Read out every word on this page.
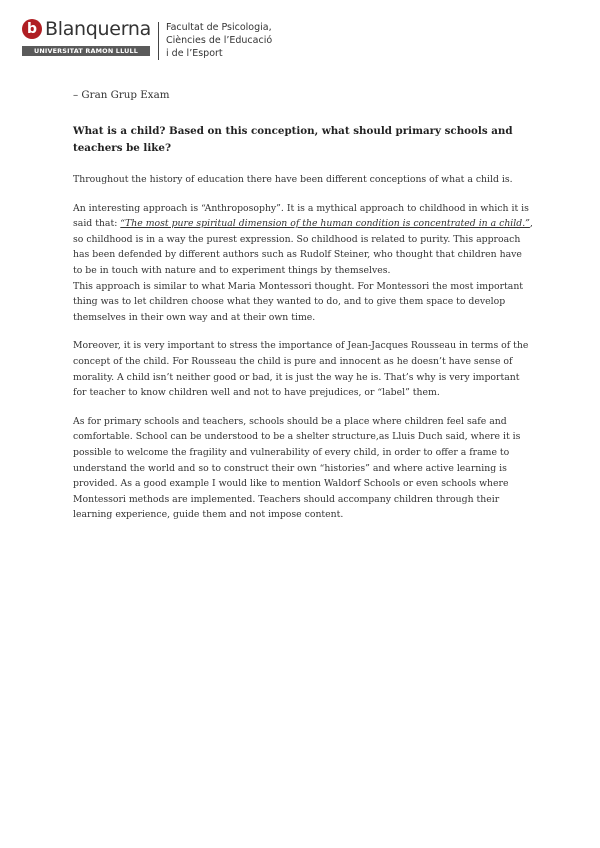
b Blanquerna
UNIVERSITAT RAMON LLULL
Facultat de Psicologia,
Ciències de l’Educació
i de l’Esport

– Gran Grup Exam

What is a child? Based on this conception, what should primary schools and teachers be like?

Throughout the history of education there have been different conceptions of what a child is.

An interesting approach is “Anthroposophy”. It is a mythical approach to childhood in which it is said that: “The most pure spiritual dimension of the human condition is concentrated in a child.”, so childhood is in a way the purest expression. So childhood is related to purity. This approach has been defended by different authors such as Rudolf Steiner, who thought that children have to be in touch with nature and to experiment things by themselves.

This approach is similar to what Maria Montessori thought. For Montessori the most important thing was to let children choose what they wanted to do, and to give them space to develop themselves in their own way and at their own time.

Moreover, it is very important to stress the importance of Jean-Jacques Rousseau in terms of the concept of the child. For Rousseau the child is pure and innocent as he doesn’t have sense of morality. A child isn’t neither good or bad, it is just the way he is. That’s why is very important for teacher to know children well and not to have prejudices, or “label” them.

As for primary schools and teachers, schools should be a place where children feel safe and comfortable. School can be understood to be a shelter structure,as Lluis Duch said, where it is possible to welcome the fragility and vulnerability of every child, in order to offer a frame to understand the world and so to construct their own “histories” and where active learning is provided. As a good example I would like to mention Waldorf Schools or even schools where Montessori methods are implemented. Teachers should accompany children through their learning experience, guide them and not impose content.
